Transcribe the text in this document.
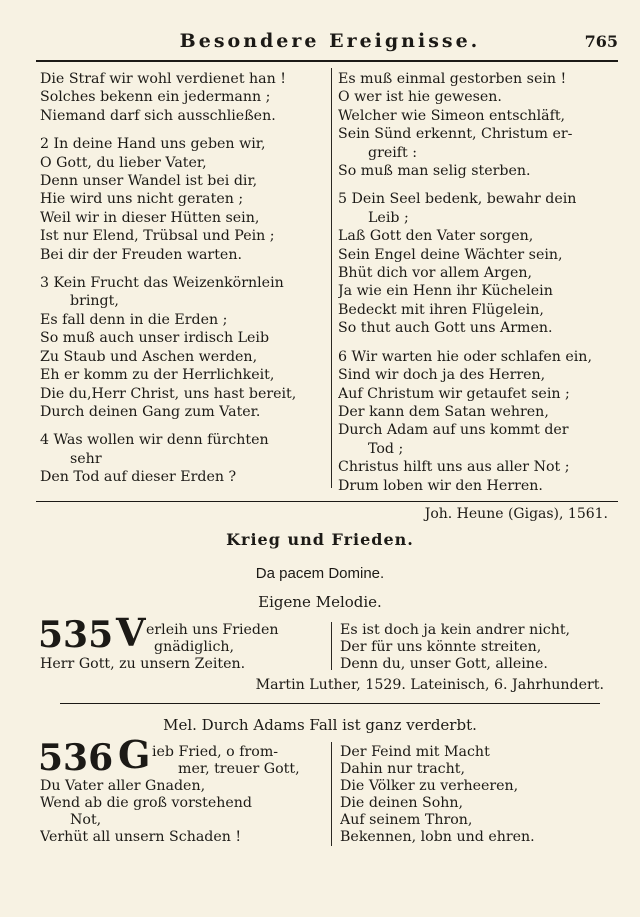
Besondere Ereignisse.	765
Die Straf wir wohl verdienet han !
Solches bekenn ein jedermann ;
Niemand darf sich ausschließen.
2 In deine Hand uns geben wir,
O Gott, du lieber Vater,
Denn unser Wandel ist bei dir,
Hie wird uns nicht geraten ;
Weil wir in dieser Hütten sein,
Ist nur Elend, Trübsal und Pein ;
Bei dir der Freuden warten.
3 Kein Frucht das Weizenkörnlein
bringt,
Es fall denn in die Erden ;
So muß auch unser irdisch Leib
Zu Staub und Aschen werden,
Eh er komm zu der Herrlichkeit,
Die du,Herr Christ, uns hast bereit,
Durch deinen Gang zum Vater.
4 Was wollen wir denn fürchten
sehr
Den Tod auf dieser Erden ?
Es muß einmal gestorben sein !
O wer ist hie gewesen.
Welcher wie Simeon entschläft,
Sein Sünd erkennt, Christum er-
greift :
So muß man selig sterben.
5 Dein Seel bedenk, bewahr dein
Leib ;
Laß Gott den Vater sorgen,
Sein Engel deine Wächter sein,
Bhüt dich vor allem Argen,
Ja wie ein Henn ihr Küchelein
Bedeckt mit ihren Flügelein,
So thut auch Gott uns Armen.
6 Wir warten hie oder schlafen ein,
Sind wir doch ja des Herren,
Auf Christum wir getaufet sein ;
Der kann dem Satan wehren,
Durch Adam auf uns kommt der
Tod ;
Christus hilft uns aus aller Not ;
Drum loben wir den Herren.
Joh. Heune (Gigas), 1561.
Krieg und Frieden.
Da pacem Domine.
Eigene Melodie.
535 V erleih uns Frieden
gnädiglich,
Herr Gott, zu unsern Zeiten.
Es ist doch ja kein andrer nicht,
Der für uns könnte streiten,
Denn du, unser Gott, alleine.
Martin Luther, 1529. Lateinisch, 6. Jahrhundert.
Mel. Durch Adams Fall ist ganz verderbt.
536 G ieb Fried, o from-
mer, treuer Gott,
Du Vater aller Gnaden,
Wend ab die groß vorstehend
Not,
Verhüt all unsern Schaden !
Der Feind mit Macht
Dahin nur tracht,
Die Völker zu verheeren,
Die deinen Sohn,
Auf seinem Thron,
Bekennen, lobn und ehren.
